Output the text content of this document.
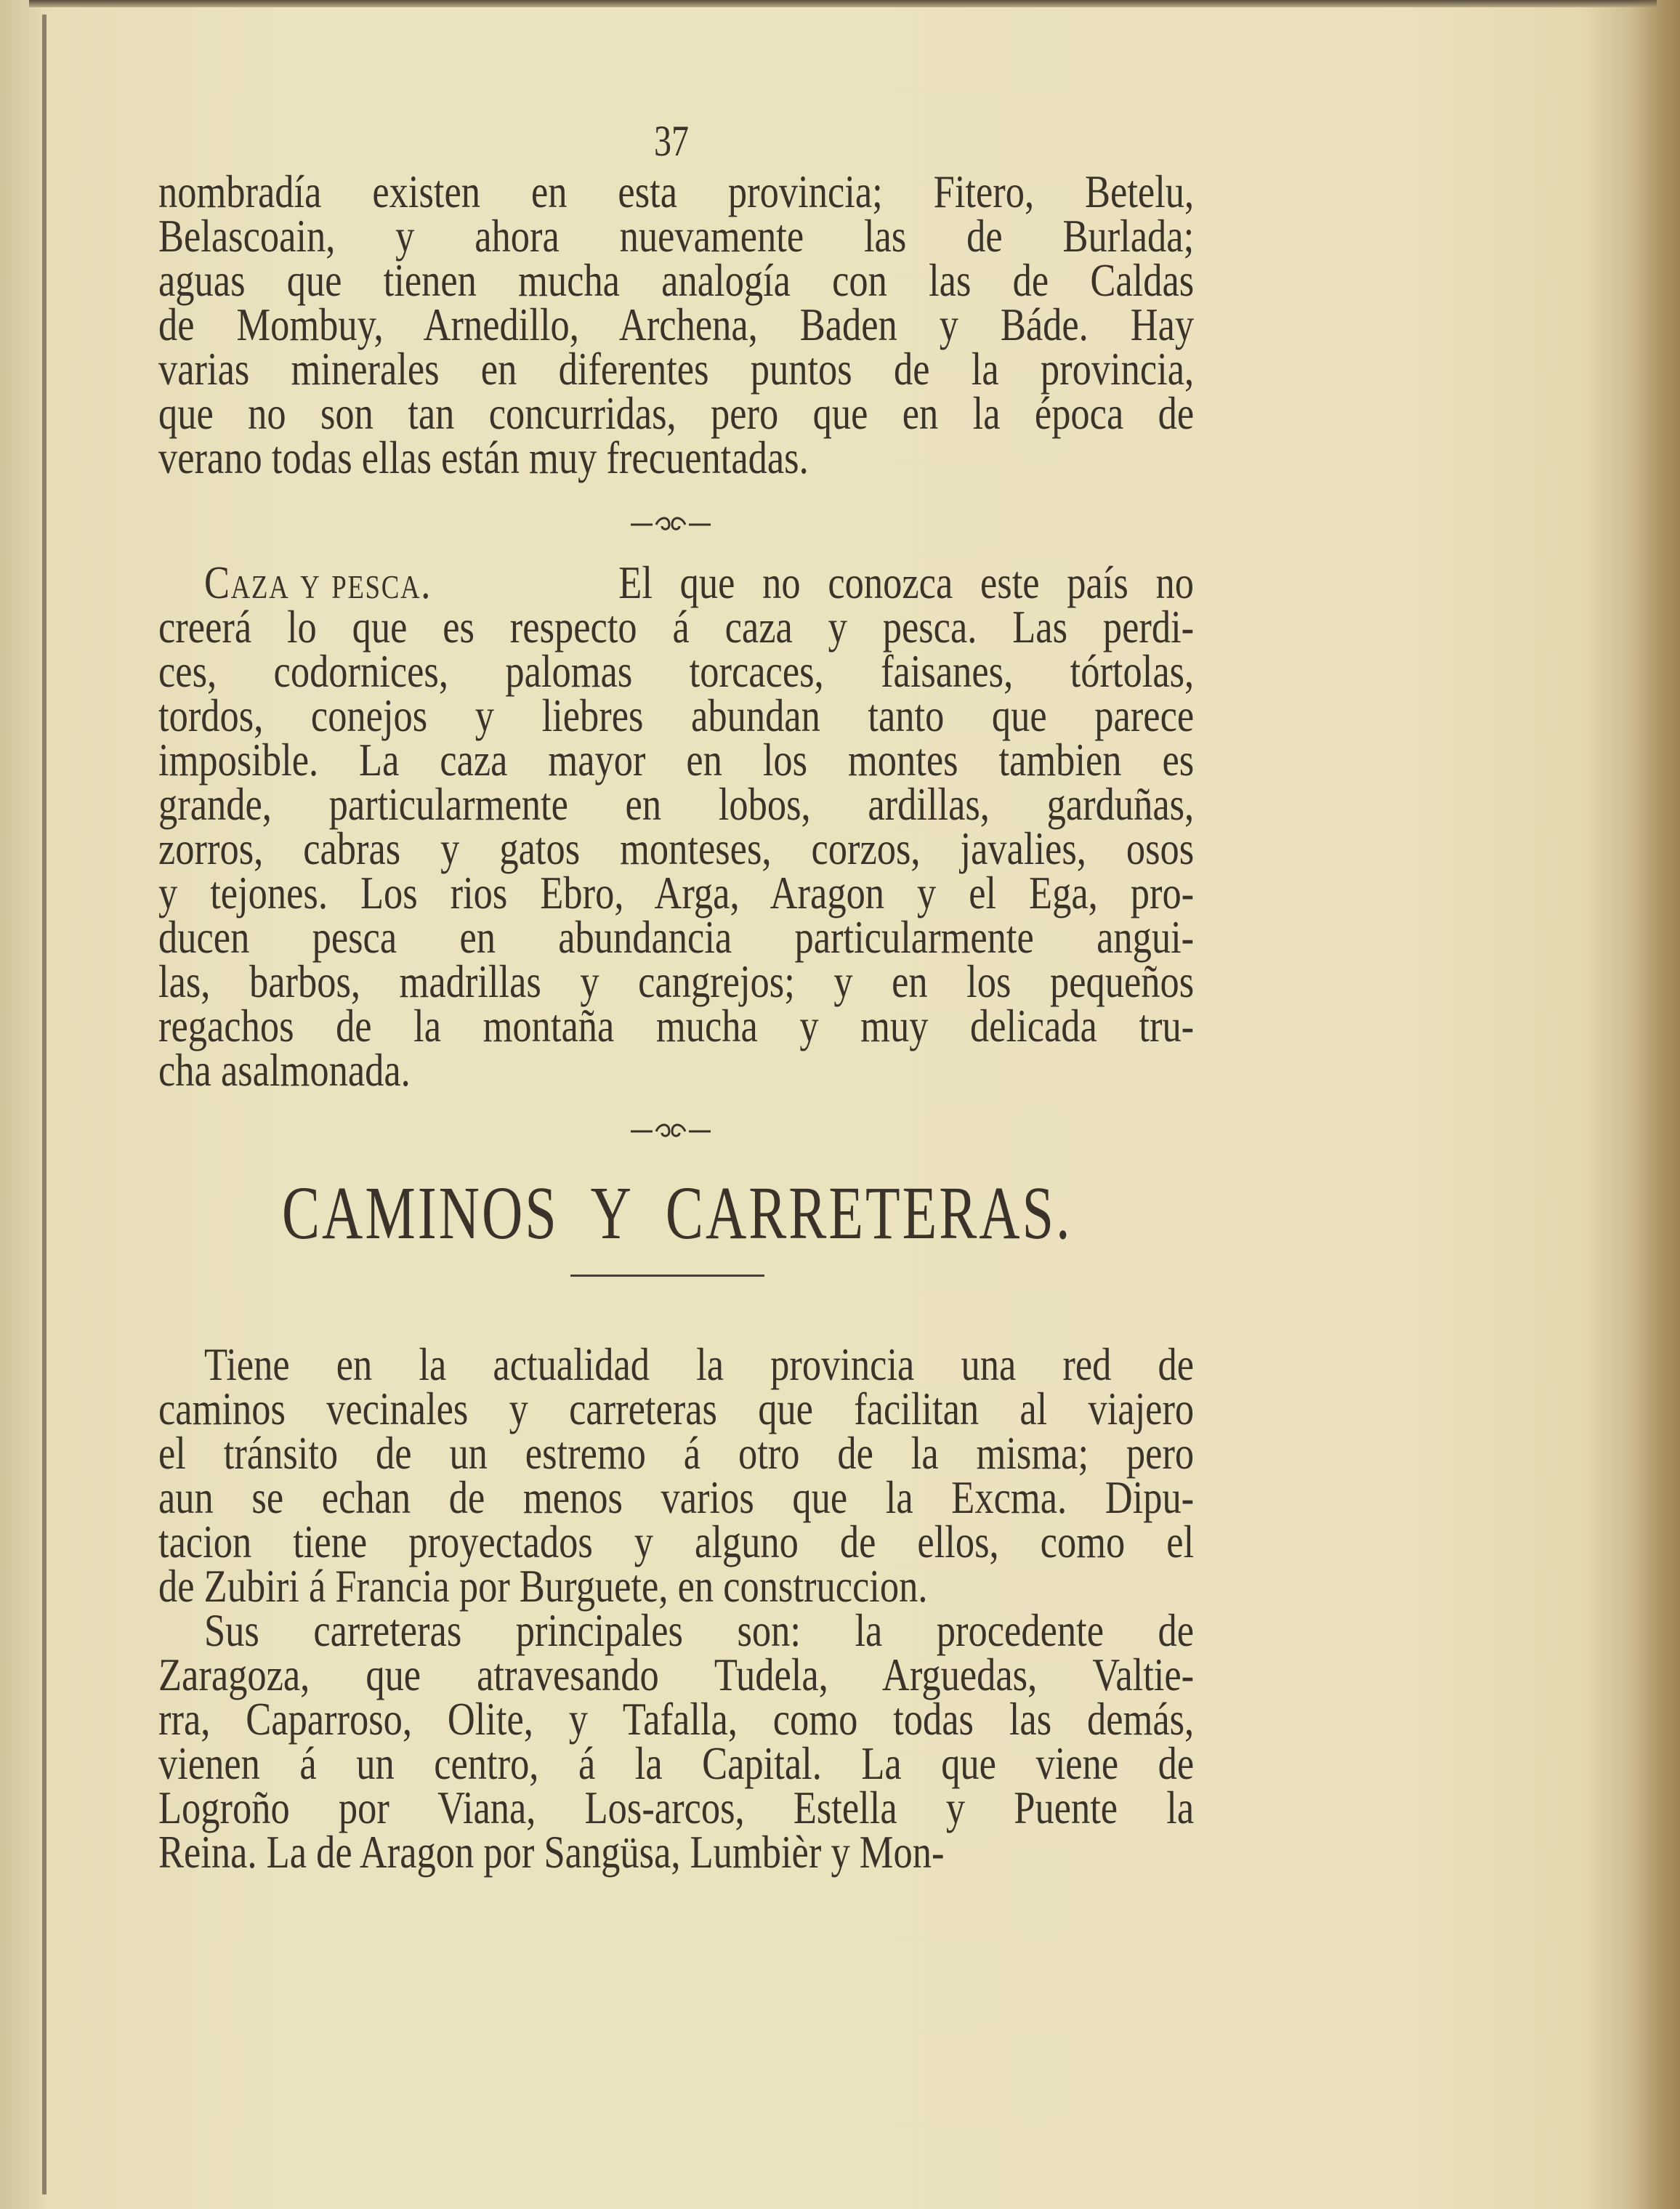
37
nombradía existen en esta provincia; Fitero, Betelu,
Belascoain, y ahora nuevamente las de Burlada;
aguas que tienen mucha analogía con las de Caldas
de Mombuy, Arnedillo, Archena, Baden y Báde. Hay
varias minerales en diferentes puntos de la provincia,
que no son tan concurridas, pero que en la época de
verano todas ellas están muy frecuentadas.
Caza y pesca.	El que no conozca este país no
creerá lo que es respecto á caza y pesca. Las perdi-
ces, codornices, palomas torcaces, faisanes, tórtolas,
tordos, conejos y liebres abundan tanto que parece
imposible. La caza mayor en los montes tambien es
grande, particularmente en lobos, ardillas, garduñas,
zorros, cabras y gatos monteses, corzos, javalies, osos
y tejones. Los rios Ebro, Arga, Aragon y el Ega, pro-
ducen pesca en abundancia particularmente angui-
las, barbos, madrillas y cangrejos; y en los pequeños
regachos de la montaña mucha y muy delicada tru-
cha asalmonada.
CAMINOS Y CARRETERAS.
Tiene en la actualidad la provincia una red de
caminos vecinales y carreteras que facilitan al viajero
el tránsito de un estremo á otro de la misma; pero
aun se echan de menos varios que la Excma. Dipu-
tacion tiene proyectados y alguno de ellos, como el
de Zubiri á Francia por Burguete, en construccion.
Sus carreteras principales son: la procedente de
Zaragoza, que atravesando Tudela, Arguedas, Valtie-
rra, Caparroso, Olite, y Tafalla, como todas las demás,
vienen á un centro, á la Capital. La que viene de
Logroño por Viana, Los-arcos, Estella y Puente la
Reina. La de Aragon por Sangüsa, Lumbièr y Mon-
